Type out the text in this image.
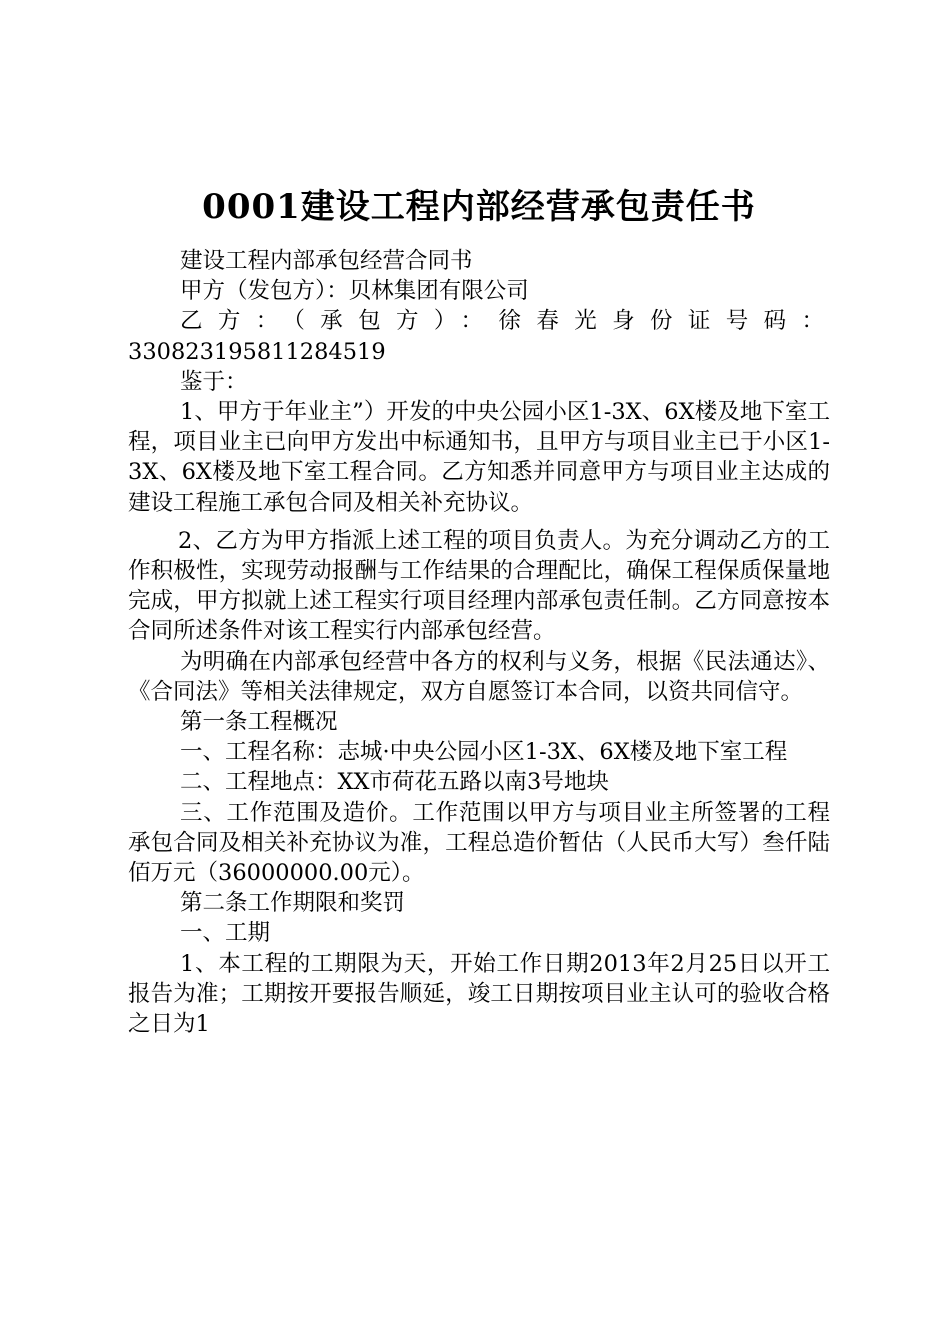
0001建设工程内部经营承包责任书

建设工程内部承包经营合同书

甲方（发包方）：贝林集团有限公司

乙方：（承包方）：徐春光身份证号码：

330823195811284519

鉴于：

1、甲方于年业主”）开发的中央公园小区1-3X、6X楼及地下室工程，项目业主已向甲方发出中标通知书，且甲方与项目业主已于小区1-3X、6X楼及地下室工程合同。乙方知悉并同意甲方与项目业主达成的建设工程施工承包合同及相关补充协议。

2、乙方为甲方指派上述工程的项目负责人。为充分调动乙方的工作积极性，实现劳动报酬与工作结果的合理配比，确保工程保质保量地完成，甲方拟就上述工程实行项目经理内部承包责任制。乙方同意按本合同所述条件对该工程实行内部承包经营。

为明确在内部承包经营中各方的权利与义务，根据《民法通达》、《合同法》等相关法律规定，双方自愿签订本合同，以资共同信守。

第一条工程概况

一、工程名称：志城·中央公园小区1-3X、6X楼及地下室工程

二、工程地点：XX市荷花五路以南3号地块

三、工作范围及造价。工作范围以甲方与项目业主所签署的工程承包合同及相关补充协议为准，工程总造价暂估（人民币大写）叁仟陆佰万元（36000000.00元）。

第二条工作期限和奖罚

一、工期

1、本工程的工期限为天，开始工作日期2013年2月25日以开工报告为准；工期按开要报告顺延，竣工日期按项目业主认可的验收合格之日为1
